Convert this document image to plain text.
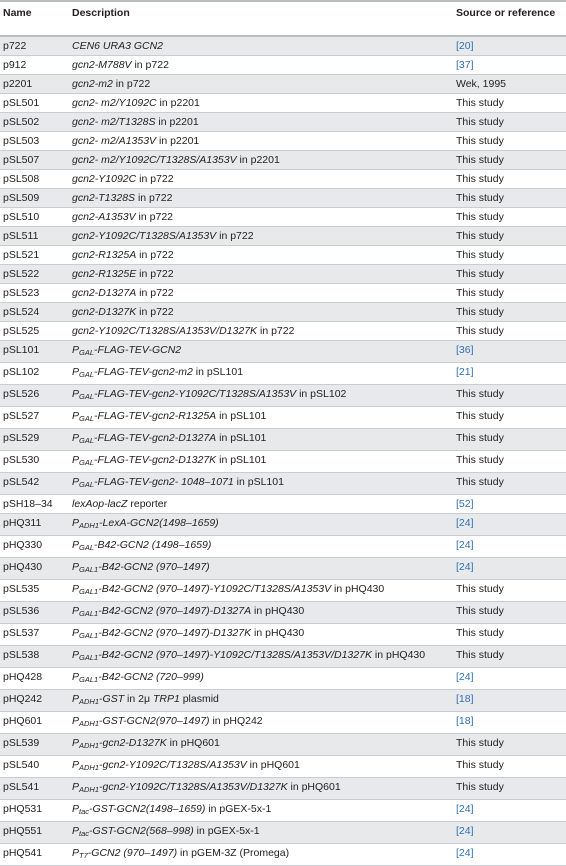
Name	Description	Source or reference
p722	CEN6 URA3 GCN2	[20]
p912	gcn2-M788V in p722	[37]
p2201	gcn2-m2 in p722	Wek, 1995
pSL501	gcn2- m2/Y1092C in p2201	This study
pSL502	gcn2- m2/T1328S in p2201	This study
pSL503	gcn2- m2/A1353V in p2201	This study
pSL507	gcn2- m2/Y1092C/T1328S/A1353V in p2201	This study
pSL508	gcn2-Y1092C in p722	This study
pSL509	gcn2-T1328S in p722	This study
pSL510	gcn2-A1353V in p722	This study
pSL511	gcn2-Y1092C/T1328S/A1353V in p722	This study
pSL521	gcn2-R1325A in p722	This study
pSL522	gcn2-R1325E in p722	This study
pSL523	gcn2-D1327A in p722	This study
pSL524	gcn2-D1327K in p722	This study
pSL525	gcn2-Y1092C/T1328S/A1353V/D1327K in p722	This study
pSL101	$P_{GAL}-FLAG-TEV-GCN2$	[36]
pSL102	$P_{GAL}-FLAG-TEV-gcn2-m2$ in pSL101	[21]
pSL526	$P_{GAL}-FLAG-TEV-gcn2-Y1092C/T1328S/A1353V$ in pSL102	This study
pSL527	$P_{GAL}-FLAG-TEV-gcn2-R1325A$ in pSL101	This study
pSL529	$P_{GAL}-FLAG-TEV-gcn2-D1327A$ in pSL101	This study
pSL530	$P_{GAL}-FLAG-TEV-gcn2-D1327K$ in pSL101	This study
pSL542	$P_{GAL}-FLAG-TEV-gcn2-$ 1048–1071 in pSL101	This study
pSH18–34	lexAop-lacZ reporter	[52]
pHQ311	$P_{ADH1}-LexA-GCN2(1498-1659)$	[24]
pHQ330	$P_{GAL}-B42-GCN2$ (1498–1659)	[24]
pHQ430	$P_{GAL1}-B42-GCN2$ (970–1497)	[24]
pSL535	$P_{GAL1}-B42-GCN2$ (970–1497)-Y1092C/T1328S/A1353V in pHQ430	This study
pSL536	$P_{GAL1}-B42-GCN2$ (970–1497)-D1327A in pHQ430	This study
pSL537	$P_{GAL1}-B42-GCN2$ (970–1497)-D1327K in pHQ430	This study
pSL538	$P_{GAL1}-B42-GCN2$ (970–1497)-Y1092C/T1328S/A1353V/D1327K in pHQ430	This study
pHQ428	$P_{GAL1}-B42-GCN2$ (720–999)	[24]
pHQ242	$P_{ADH1}$-GST in 2μ TRP1 plasmid	[18]
pHQ601	$P_{ADH1}-GST-GCN2(970-1497)$ in pHQ242	[18]
pSL539	$P_{ADH1}-gcn2-D1327K$ in pHQ601	This study
pSL540	$P_{ADH1}-gcn2-Y1092C/T1328S/A1353V$ in pHQ601	This study
pSL541	$P_{ADH1}-gcn2-Y1092C/T1328S/A1353V/D1327K$ in pHQ601	This study
pHQ531	$P_{tac}-GST-GCN2(1498-1659)$ in pGEX-5x-1	[24]
pHQ551	$P_{tac}-GST-GCN2(568-998)$ in pGEX-5x-1	[24]
pHQ541	$P_{T7}-GCN2$ (970–1497) in pGEM-3Z (Promega)	[24]
